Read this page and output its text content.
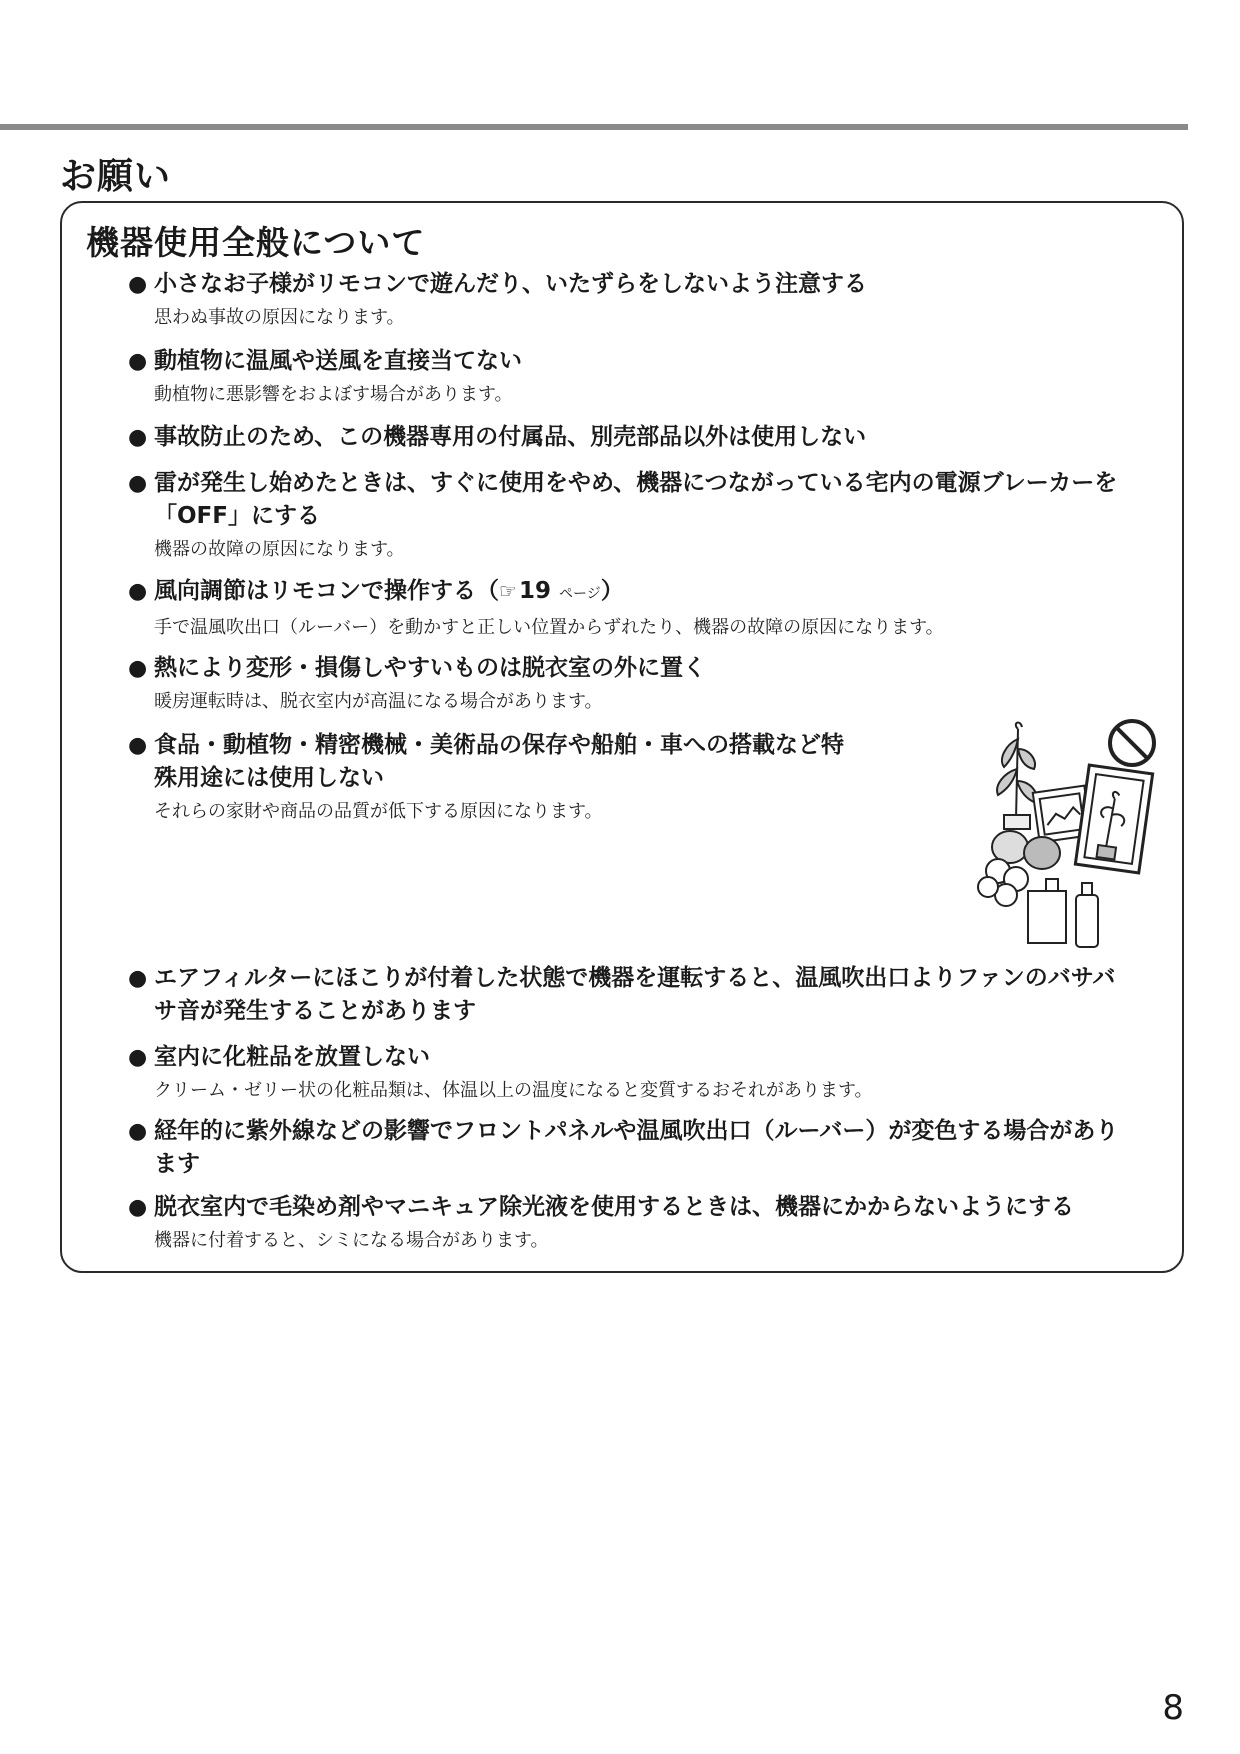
お願い
機器使用全般について

● 小さなお子様がリモコンで遊んだり、いたずらをしないよう注意する

思わぬ事故の原因になります。

● 動植物に温風や送風を直接当てない

動植物に悪影響をおよぼす場合があります。

● 事故防止のため、この機器専用の付属品、別売部品以外は使用しない

● 雷が発生し始めたときは、すぐに使用をやめ、機器につながっている宅内の電源ブレーカーを「OFF」にする

機器の故障の原因になります。

● 風向調節はリモコンで操作する（☞19 ページ）

手で温風吹出口（ルーバー）を動かすと正しい位置からずれたり、機器の故障の原因になります。

● 熱により変形・損傷しやすいものは脱衣室の外に置く

暖房運転時は、脱衣室内が高温になる場合があります。

● 食品・動植物・精密機械・美術品の保存や船舶・車への搭載など特殊用途には使用しない

それらの家財や商品の品質が低下する原因になります。

● エアフィルターにほこりが付着した状態で機器を運転すると、温風吹出口よりファンのバサバサ音が発生することがあります

● 室内に化粧品を放置しない

クリーム・ゼリー状の化粧品類は、体温以上の温度になると変質するおそれがあります。

● 経年的に紫外線などの影響でフロントパネルや温風吹出口（ルーバー）が変色する場合があります

● 脱衣室内で毛染め剤やマニキュア除光液を使用するときは、機器にかからないようにする

機器に付着すると、シミになる場合があります。

8
